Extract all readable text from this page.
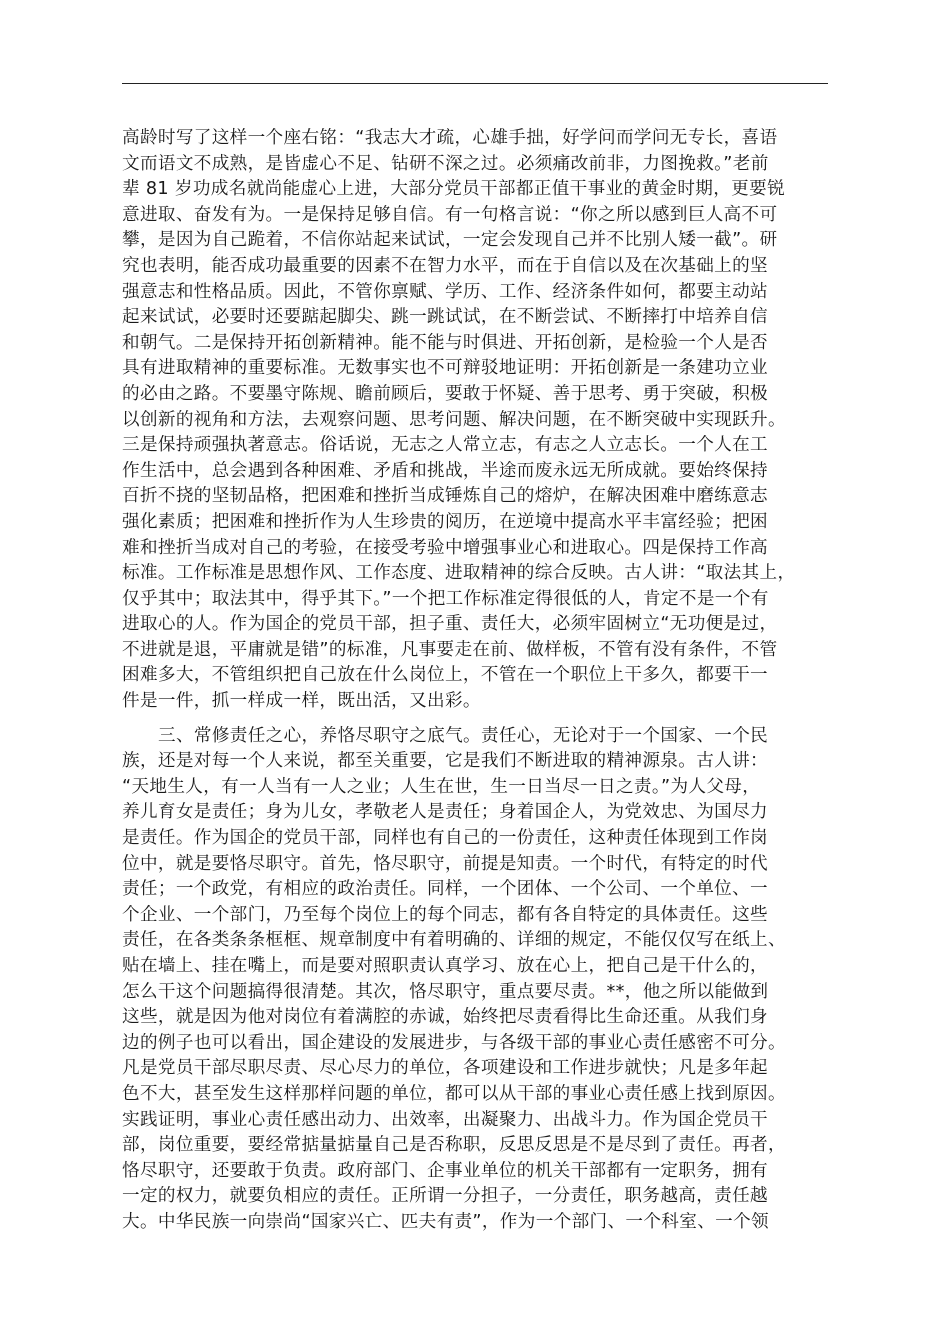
高龄时写了这样一个座右铭：“我志大才疏，心雄手拙，好学问而学问无专长，喜语
文而语文不成熟，是皆虚心不足、钻研不深之过。必须痛改前非，力图挽救。”老前
辈 81 岁功成名就尚能虚心上进，大部分党员干部都正值干事业的黄金时期，更要锐
意进取、奋发有为。一是保持足够自信。有一句格言说：“你之所以感到巨人高不可
攀，是因为自己跪着，不信你站起来试试，一定会发现自己并不比别人矮一截”。研
究也表明，能否成功最重要的因素不在智力水平，而在于自信以及在次基础上的坚
强意志和性格品质。因此，不管你禀赋、学历、工作、经济条件如何，都要主动站
起来试试，必要时还要踮起脚尖、跳一跳试试，在不断尝试、不断摔打中培养自信
和朝气。二是保持开拓创新精神。能不能与时俱进、开拓创新，是检验一个人是否
具有进取精神的重要标准。无数事实也不可辩驳地证明：开拓创新是一条建功立业
的必由之路。不要墨守陈规、瞻前顾后，要敢于怀疑、善于思考、勇于突破，积极
以创新的视角和方法，去观察问题、思考问题、解决问题，在不断突破中实现跃升。
三是保持顽强执著意志。俗话说，无志之人常立志，有志之人立志长。一个人在工
作生活中，总会遇到各种困难、矛盾和挑战，半途而废永远无所成就。要始终保持
百折不挠的坚韧品格，把困难和挫折当成锤炼自己的熔炉，在解决困难中磨练意志
强化素质；把困难和挫折作为人生珍贵的阅历，在逆境中提高水平丰富经验；把困
难和挫折当成对自己的考验，在接受考验中增强事业心和进取心。四是保持工作高
标准。工作标准是思想作风、工作态度、进取精神的综合反映。古人讲：“取法其上，
仅乎其中；取法其中，得乎其下。”一个把工作标准定得很低的人，肯定不是一个有
进取心的人。作为国企的党员干部，担子重、责任大，必须牢固树立“无功便是过，
不进就是退，平庸就是错”的标准，凡事要走在前、做样板，不管有没有条件，不管
困难多大，不管组织把自己放在什么岗位上，不管在一个职位上干多久，都要干一
件是一件，抓一样成一样，既出活，又出彩。
三、常修责任之心，养恪尽职守之底气。责任心，无论对于一个国家、一个民
族，还是对每一个人来说，都至关重要，它是我们不断进取的精神源泉。古人讲：
“天地生人，有一人当有一人之业；人生在世，生一日当尽一日之责。”为人父母，
养儿育女是责任；身为儿女，孝敬老人是责任；身着国企人，为党效忠、为国尽力
是责任。作为国企的党员干部，同样也有自己的一份责任，这种责任体现到工作岗
位中，就是要恪尽职守。首先，恪尽职守，前提是知责。一个时代，有特定的时代
责任；一个政党，有相应的政治责任。同样，一个团体、一个公司、一个单位、一
个企业、一个部门，乃至每个岗位上的每个同志，都有各自特定的具体责任。这些
责任，在各类条条框框、规章制度中有着明确的、详细的规定，不能仅仅写在纸上、
贴在墙上、挂在嘴上，而是要对照职责认真学习、放在心上，把自己是干什么的，
怎么干这个问题搞得很清楚。其次，恪尽职守，重点要尽责。**，他之所以能做到
这些，就是因为他对岗位有着满腔的赤诚，始终把尽责看得比生命还重。从我们身
边的例子也可以看出，国企建设的发展进步，与各级干部的事业心责任感密不可分。
凡是党员干部尽职尽责、尽心尽力的单位，各项建设和工作进步就快；凡是多年起
色不大，甚至发生这样那样问题的单位，都可以从干部的事业心责任感上找到原因。
实践证明，事业心责任感出动力、出效率，出凝聚力、出战斗力。作为国企党员干
部，岗位重要，要经常掂量掂量自己是否称职，反思反思是不是尽到了责任。再者，
恪尽职守，还要敢于负责。政府部门、企事业单位的机关干部都有一定职务，拥有
一定的权力，就要负相应的责任。正所谓一分担子，一分责任，职务越高，责任越
大。中华民族一向崇尚“国家兴亡、匹夫有责”，作为一个部门、一个科室、一个领
